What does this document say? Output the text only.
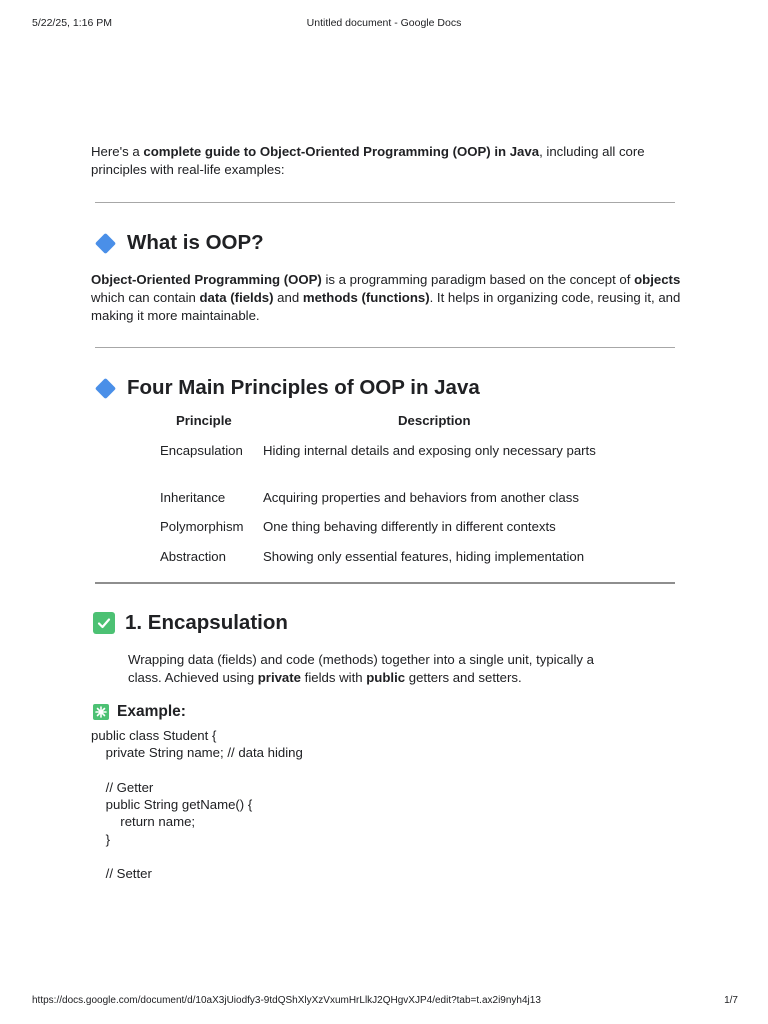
5/22/25, 1:16 PM	Untitled document - Google Docs
Here's a complete guide to Object-Oriented Programming (OOP) in Java, including all core principles with real-life examples:
What is OOP?
Object-Oriented Programming (OOP) is a programming paradigm based on the concept of objects which can contain data (fields) and methods (functions). It helps in organizing code, reusing it, and making it more maintainable.
Four Main Principles of OOP in Java
Principle	Description
Encapsulation Hiding internal details and exposing only necessary parts
Inheritance	Acquiring properties and behaviors from another class
Polymorphism One thing behaving differently in different contexts
Abstraction	Showing only essential features, hiding implementation
1. Encapsulation
Wrapping data (fields) and code (methods) together into a single unit, typically a class. Achieved using private fields with public getters and setters.
Example:
public class Student {
private String name; // data hiding
// Getter
public String getName() {
return name;
}
// Setter
https://docs.google.com/document/d/10aX3jUiodfy3-9tdQShXlyXzVxumHrLlkJ2QHgvXJP4/edit?tab=t.ax2i9nyh4j13	1/7
